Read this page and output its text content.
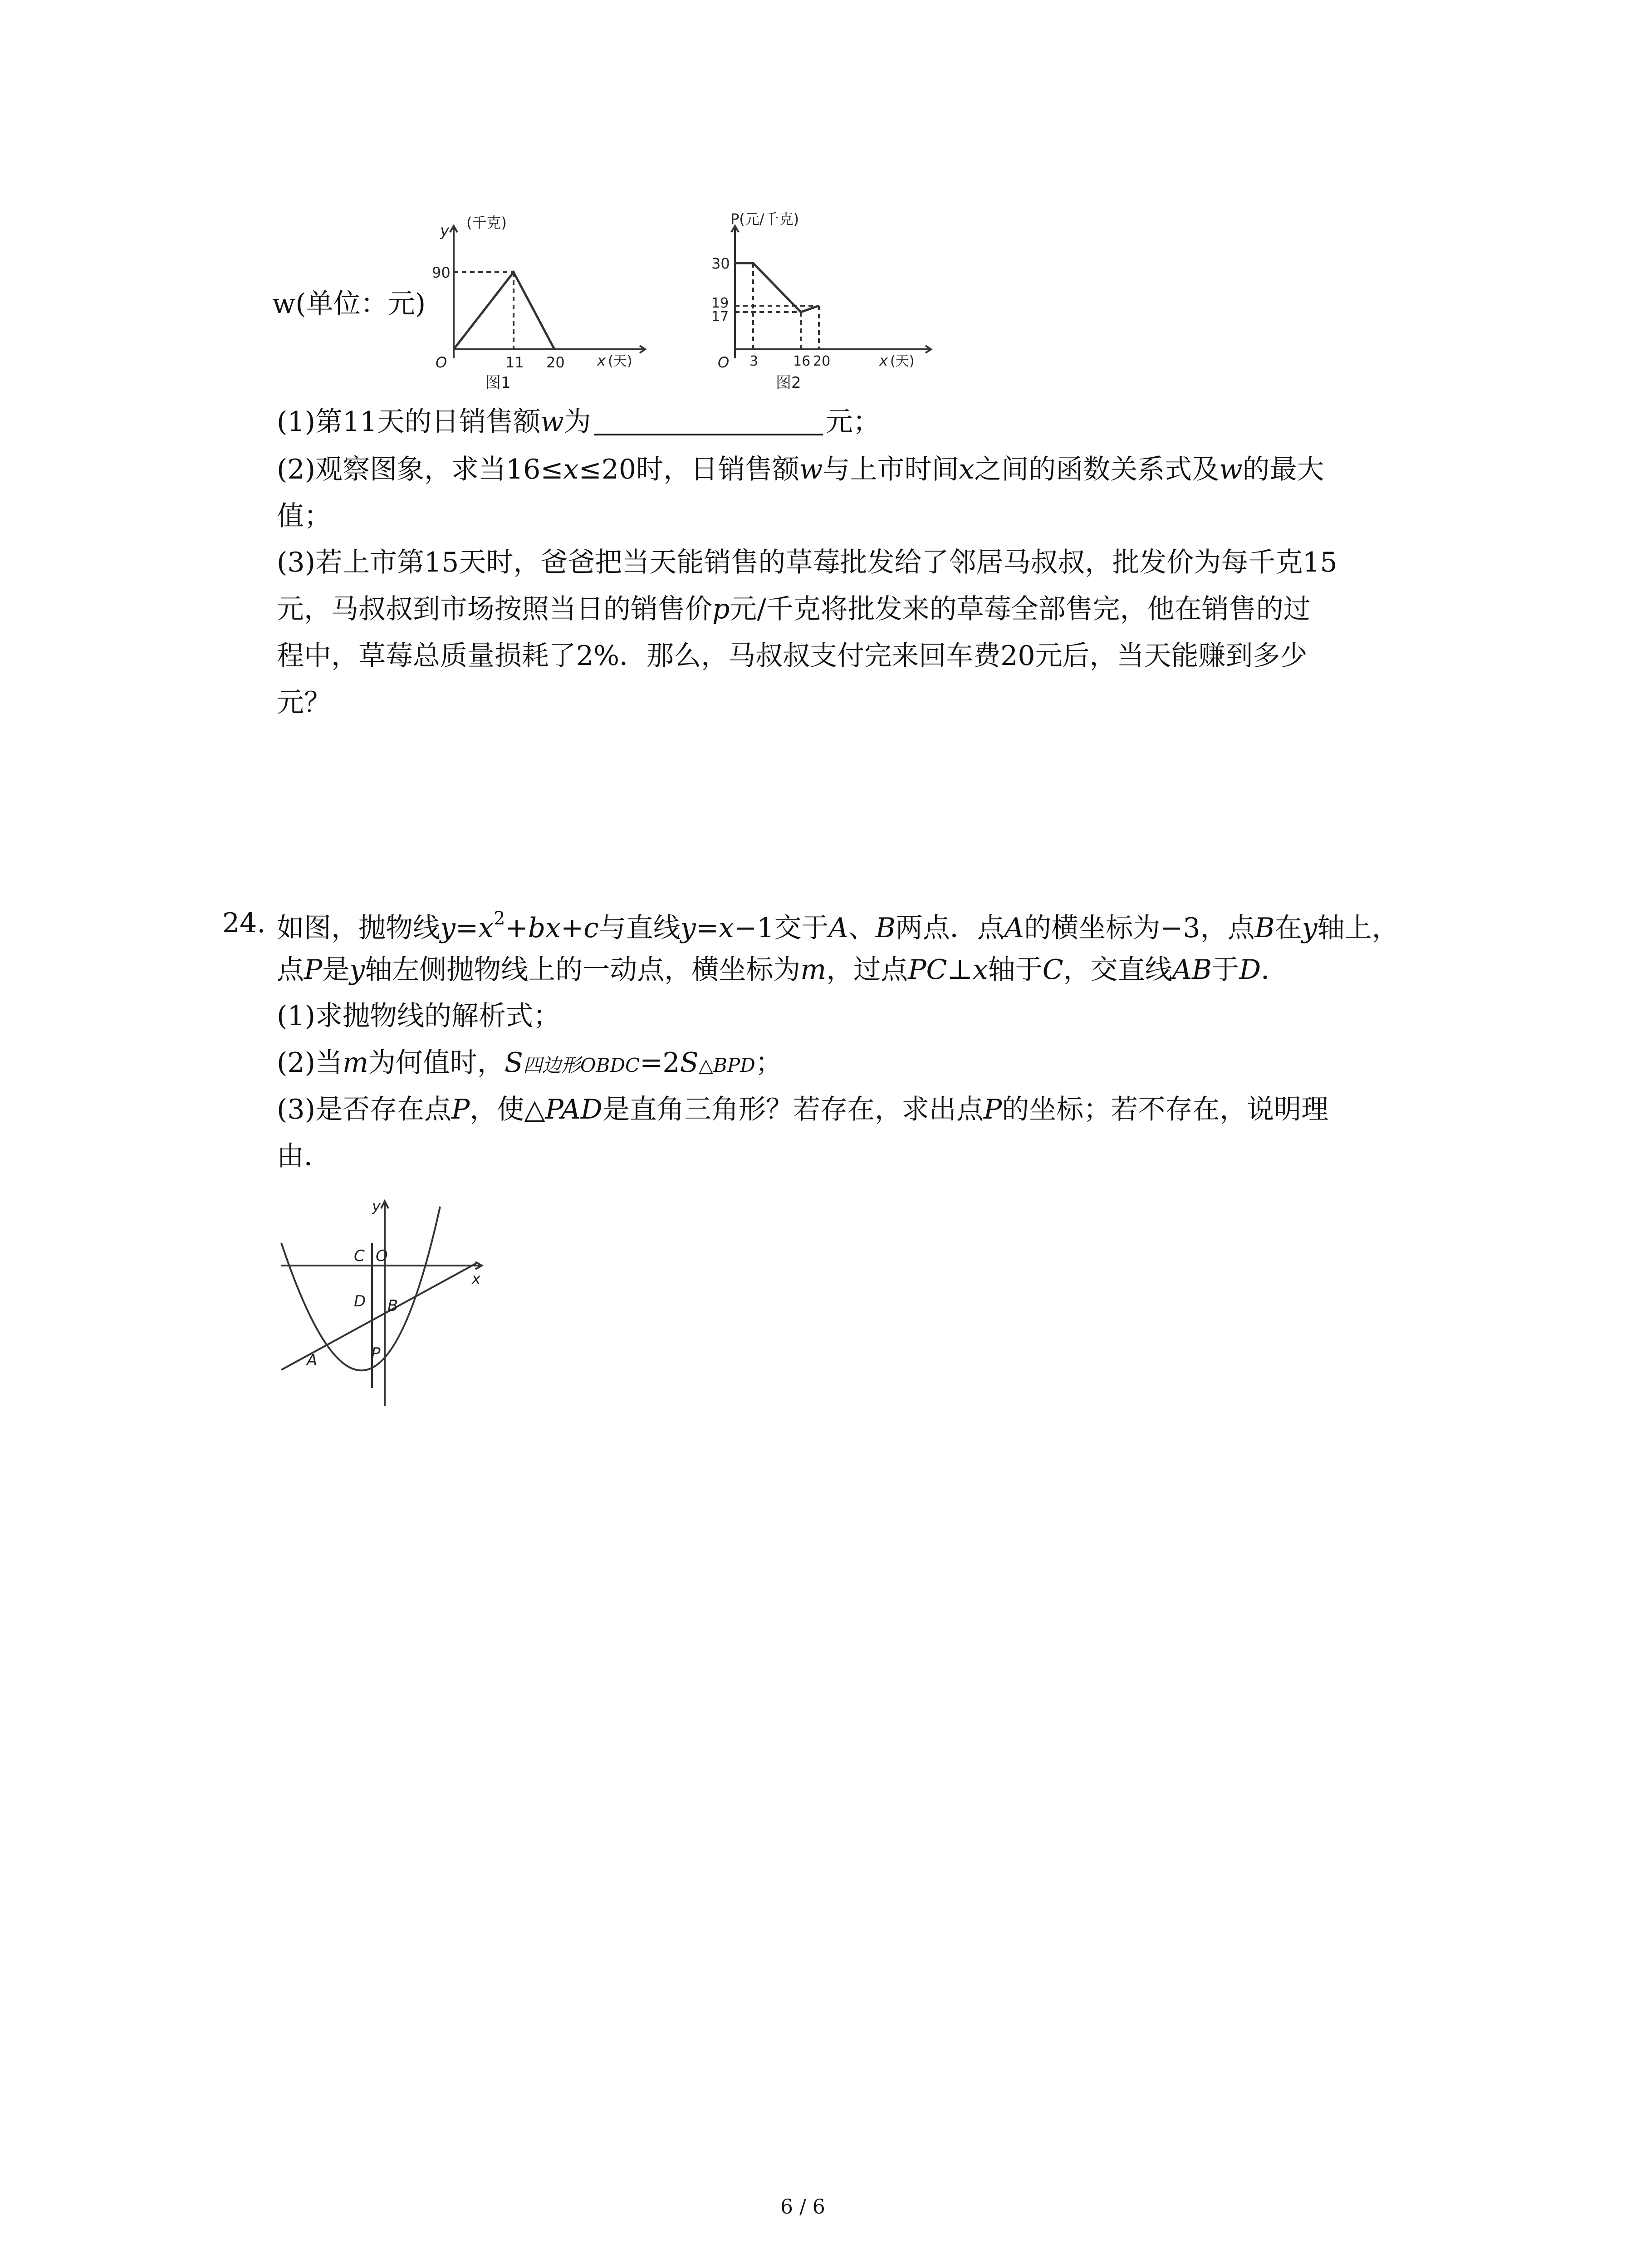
y (千克)
90
O	11 20 x (天)
图1
P(元/千克)
30
19
17
O 3	16 20	x (天)
图2
w(单位：元)
(1)第11天的日销售额w为	元；
(2)观察图象，求当16≤x≤20时，日销售额w与上市时间x之间的函数关系式及w的最大
值；
(3)若上市第15天时，爸爸把当天能销售的草莓批发给了邻居马叔叔，批发价为每千克15
元，马叔叔到市场按照当日的销售价p元/千克将批发来的草莓全部售完，他在销售的过
程中，草莓总质量损耗了2%．那么，马叔叔支付完来回车费20元后，当天能赚到多少
元？
24. 如图，抛物线$y=x^2+bx+c$与直线y=x−1交于A、B两点．点A的横坐标为−3，点B在y轴上，
点P是y轴左侧抛物线上的一动点，横坐标为m，过点PC⊥x轴于C，交直线AB于D．
(1)求抛物线的解析式；
(2)当m为何值时，S四边形OBDC=2S△BPD；
(3)是否存在点P，使△PAD是直角三角形？若存在，求出点P的坐标；若不存在，说明理
由．
y
x
C O
D B
A	P
6 / 6
